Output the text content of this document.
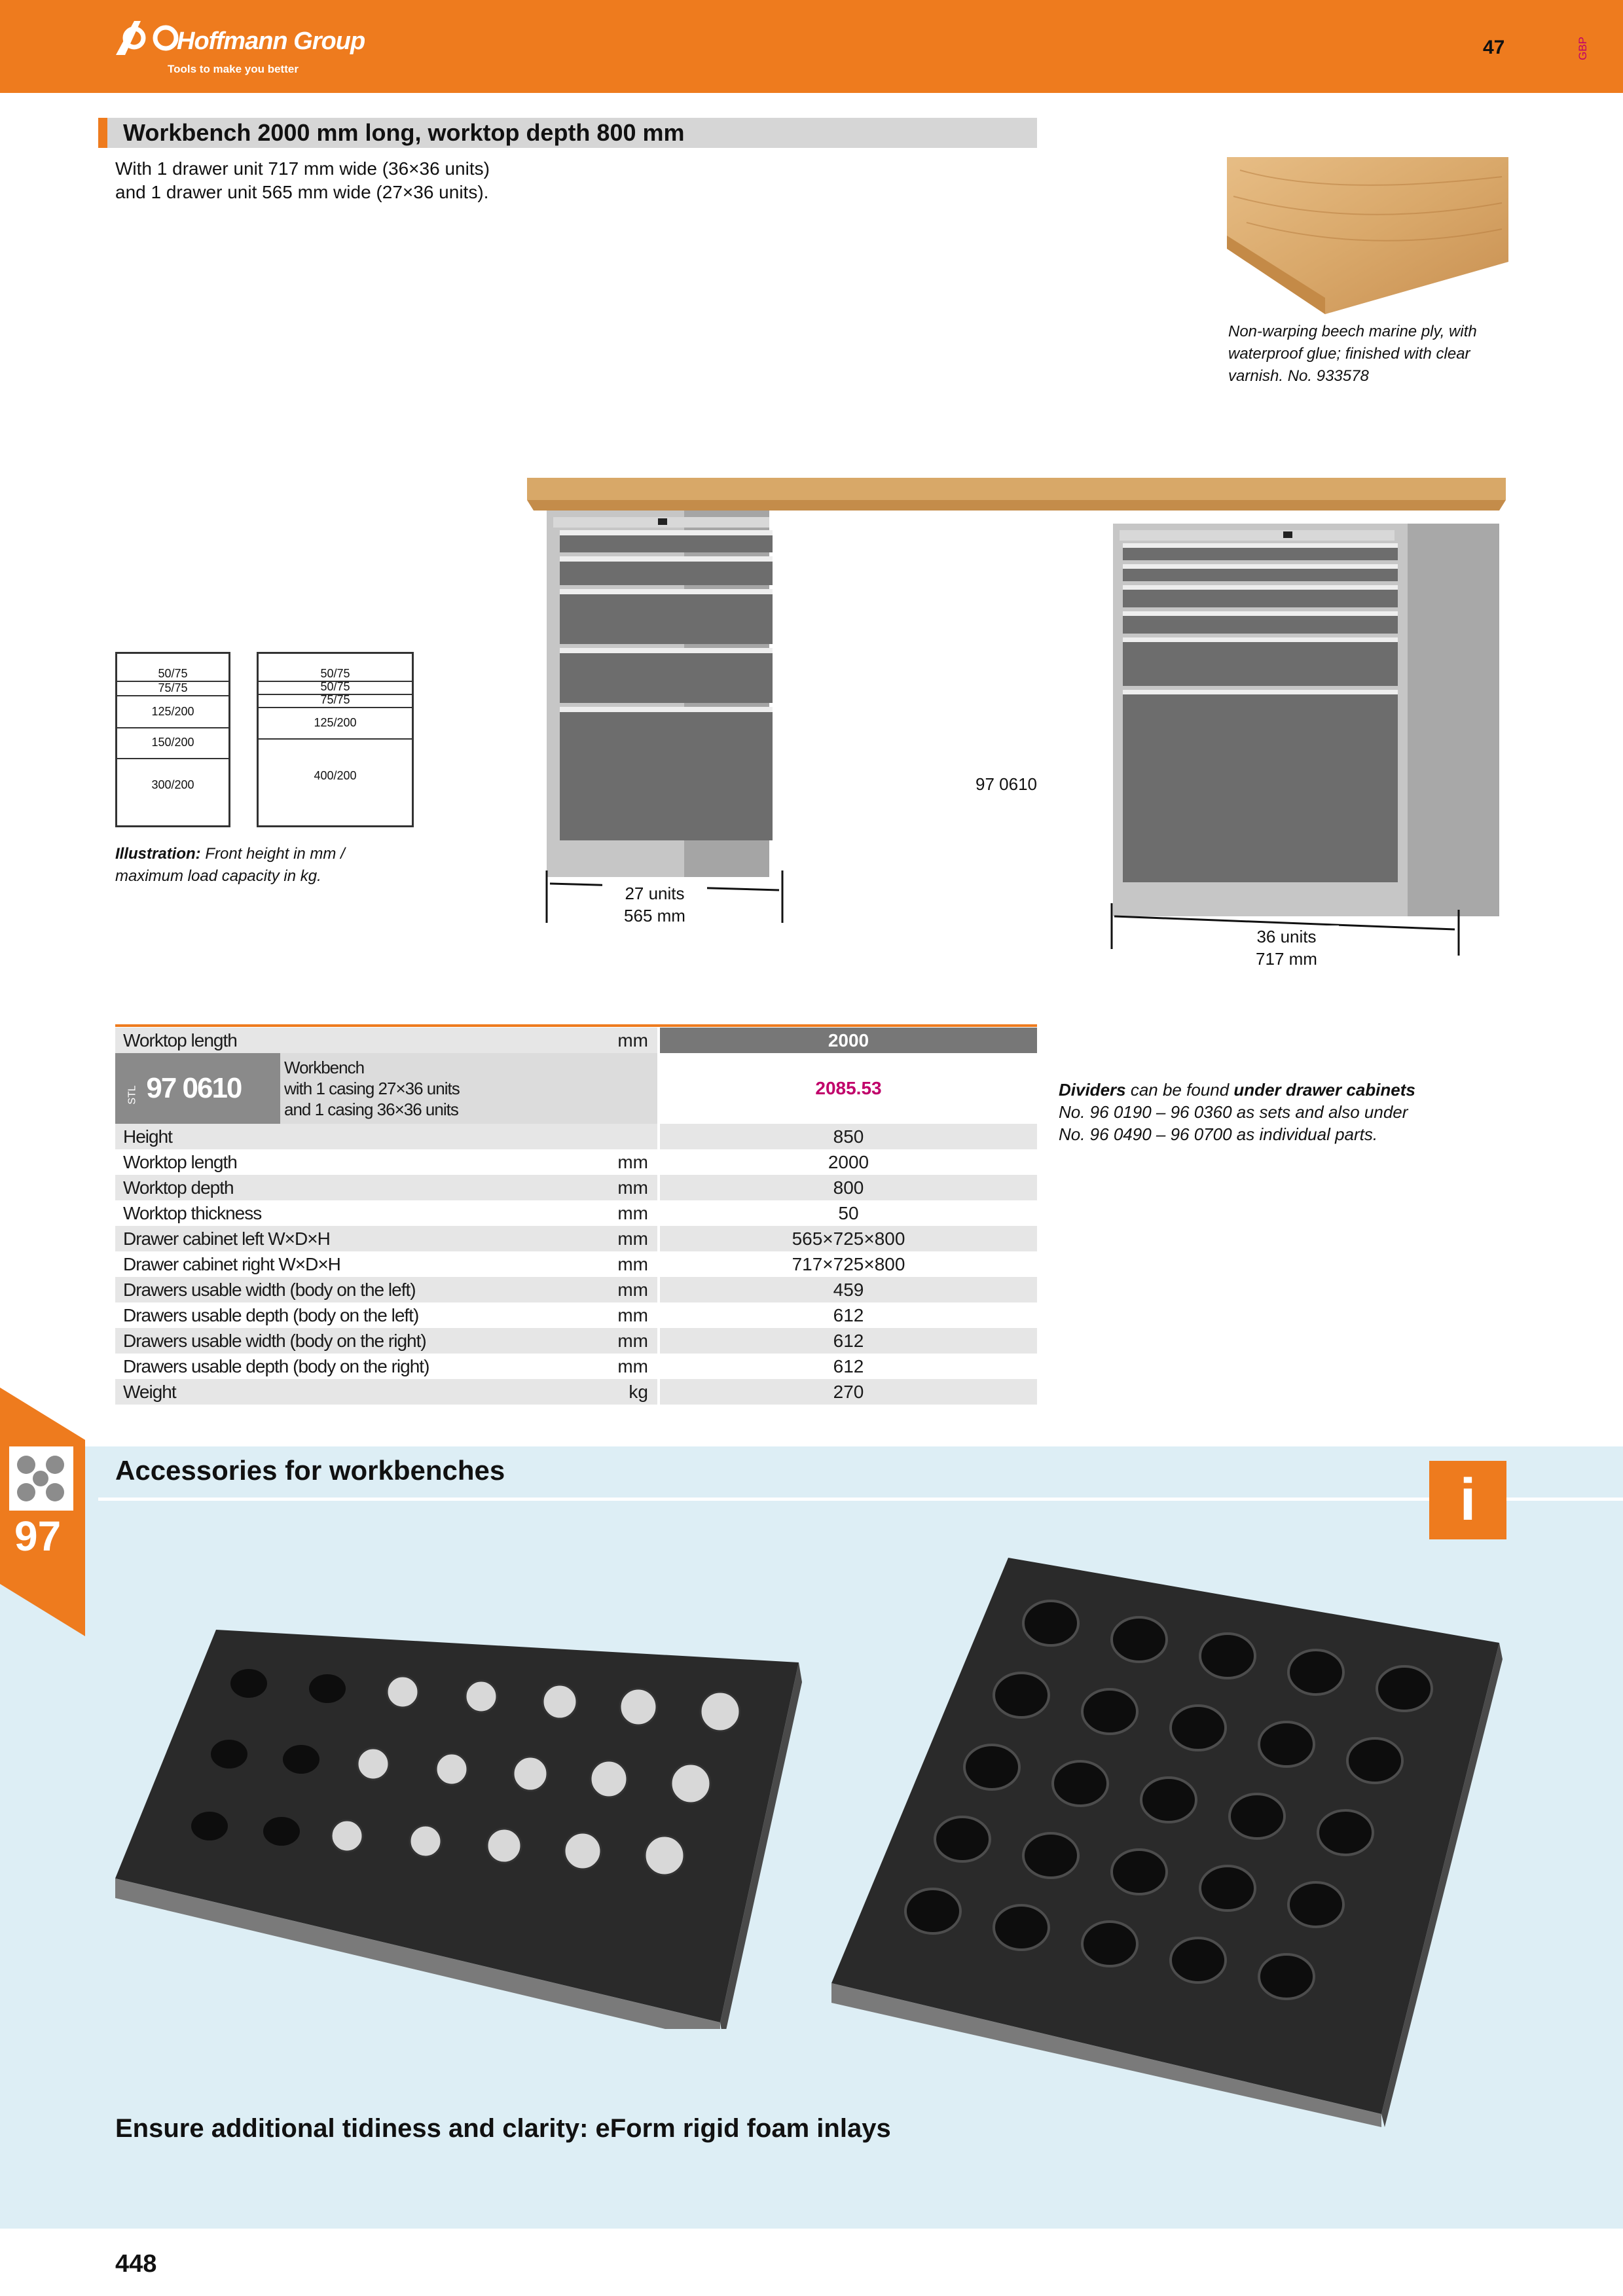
Hoffmann Group
Tools to make you better
47	GBP
Workbench 2000 mm long, worktop depth 800 mm
With 1 drawer unit 717 mm wide (36×36 units)
and 1 drawer unit 565 mm wide (27×36 units).
Non-warping beech marine ply, with
waterproof glue; finished with clear
varnish. No. 933578
97 0610
27 units
565 mm
36 units
717 mm
50/75
75/75
125/200
150/200
300/200
50/75
50/75
75/75
125/200
400/200
Illustration: Front height in mm /
maximum load capacity in kg.
Worktop length		mm	2000
STL 97 0610	Workbench
with 1 casing 27×36 units
and 1 casing 36×36 units		2085.53
Height			850
Worktop length		mm	2000
Worktop depth		mm	800
Worktop thickness		mm	50
Drawer cabinet left W×D×H		mm	565×725×800
Drawer cabinet right W×D×H		mm	717×725×800
Drawers usable width (body on the left)		mm	459
Drawers usable depth (body on the left)		mm	612
Drawers usable width (body on the right)		mm	612
Drawers usable depth (body on the right)		mm	612
Weight		kg	270
Dividers can be found under drawer cabinets
No. 96 0190 – 96 0360 as sets and also under
No. 96 0490 – 96 0700 as individual parts.
97
Accessories for workbenches	i
Ensure additional tidiness and clarity: eForm rigid foam inlays
448
